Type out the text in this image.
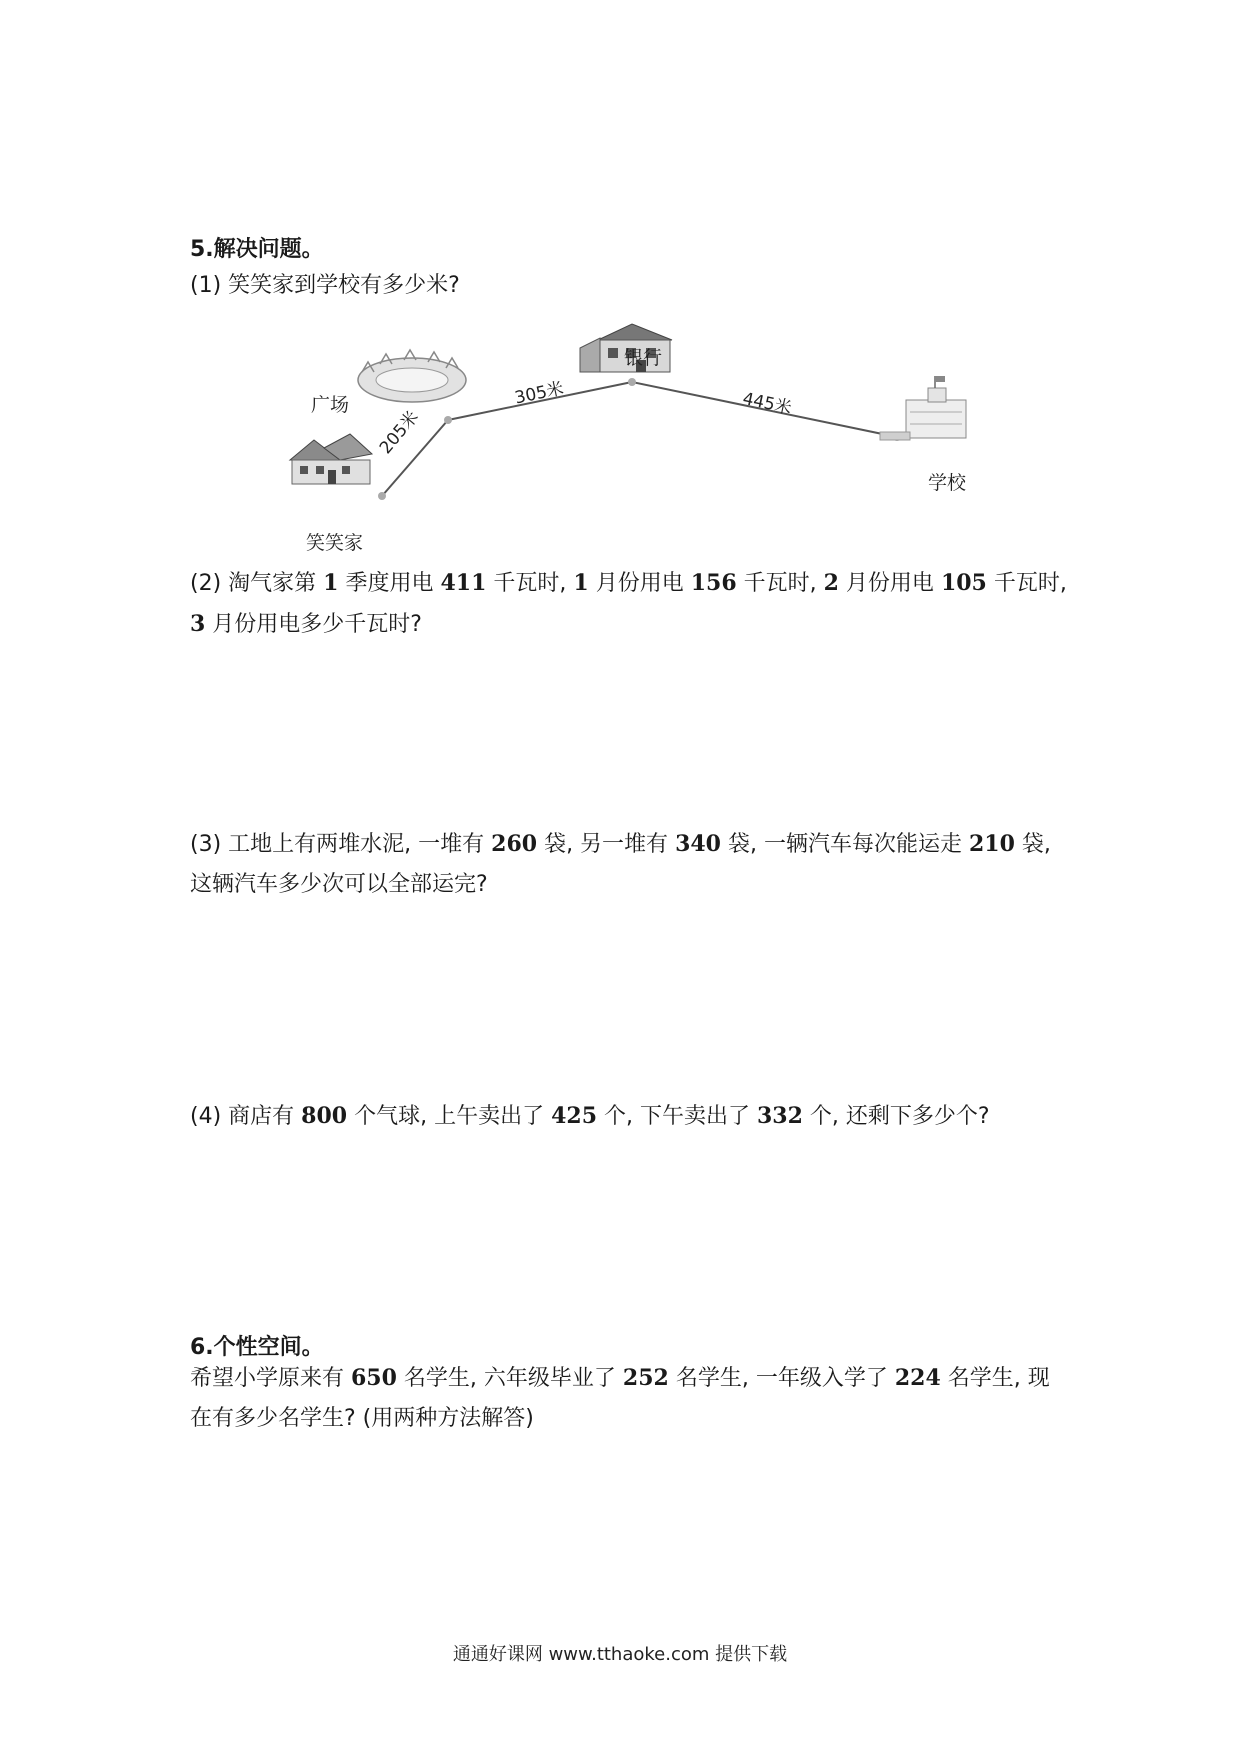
5.解决问题。
(1) 笑笑家到学校有多少米?
广场
银行
学校
笑笑家
205米
305米	445米
(2) 淘气家第 1 季度用电 411 千瓦时, 1 月份用电 156 千瓦时, 2 月份用电 105 千瓦时, 3 月份用电多少千瓦时?
(3) 工地上有两堆水泥, 一堆有 260 袋, 另一堆有 340 袋, 一辆汽车每次能运走 210 袋, 这辆汽车多少次可以全部运完?
(4) 商店有 800 个气球, 上午卖出了 425 个, 下午卖出了 332 个, 还剩下多少个?
6.个性空间。
希望小学原来有 650 名学生, 六年级毕业了 252 名学生, 一年级入学了 224 名学生, 现在有多少名学生? (用两种方法解答)
通通好课网 www.tthaoke.com 提供下载
